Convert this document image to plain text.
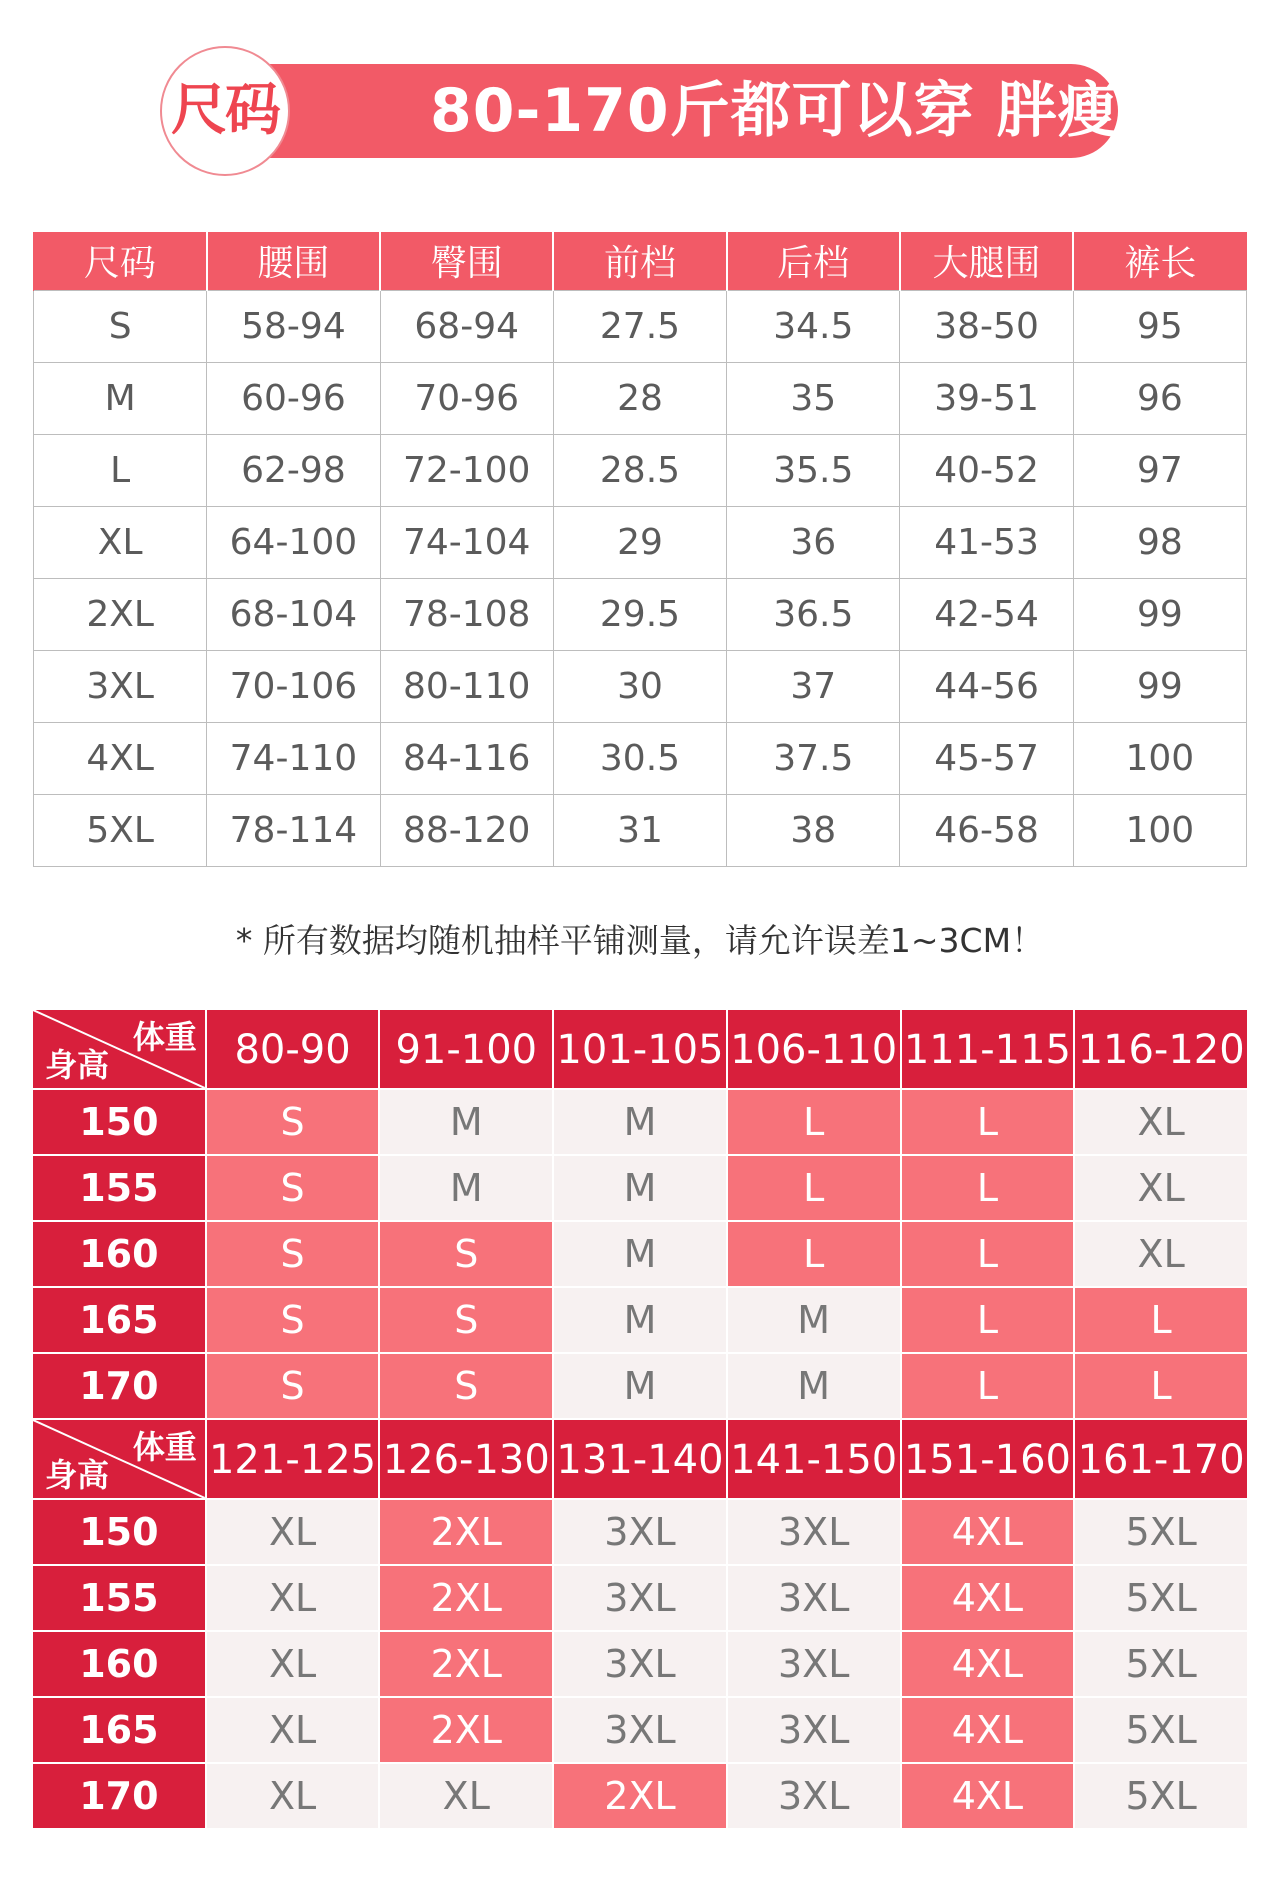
80-170斤都可以穿 胖瘦皆宜
尺码
尺码	腰围	臀围	前档	后档	大腿围	裤长
S	58-94	68-94	27.5	34.5	38-50	95
M	60-96	70-96	28	35	39-51	96
L	62-98	72-100	28.5	35.5	40-52	97
XL	64-100	74-104	29	36	41-53	98
2XL	68-104	78-108	29.5	36.5	42-54	99
3XL	70-106	80-110	30	37	44-56	99
4XL	74-110	84-116	30.5	37.5	45-57	100
5XL	78-114	88-120	31	38	46-58	100
* 所有数据均随机抽样平铺测量，请允许误差1~3CM！
体重
身高	80-90	91-100 101-105 106-110 111-115 116-120
150	S	M	M	L	L	XL
155	S	M	M	L	L	XL
160	S	S	M	L	L	XL
165	S	S	M	M	L	L
170	S	S	M	M	L	L
体重
身高 121-125 126-130 131-140 141-150 151-160 161-170
150	XL	2XL	3XL	3XL	4XL	5XL
155	XL	2XL	3XL	3XL	4XL	5XL
160	XL	2XL	3XL	3XL	4XL	5XL
165	XL	2XL	3XL	3XL	4XL	5XL
170	XL	XL	2XL	3XL	4XL	5XL
